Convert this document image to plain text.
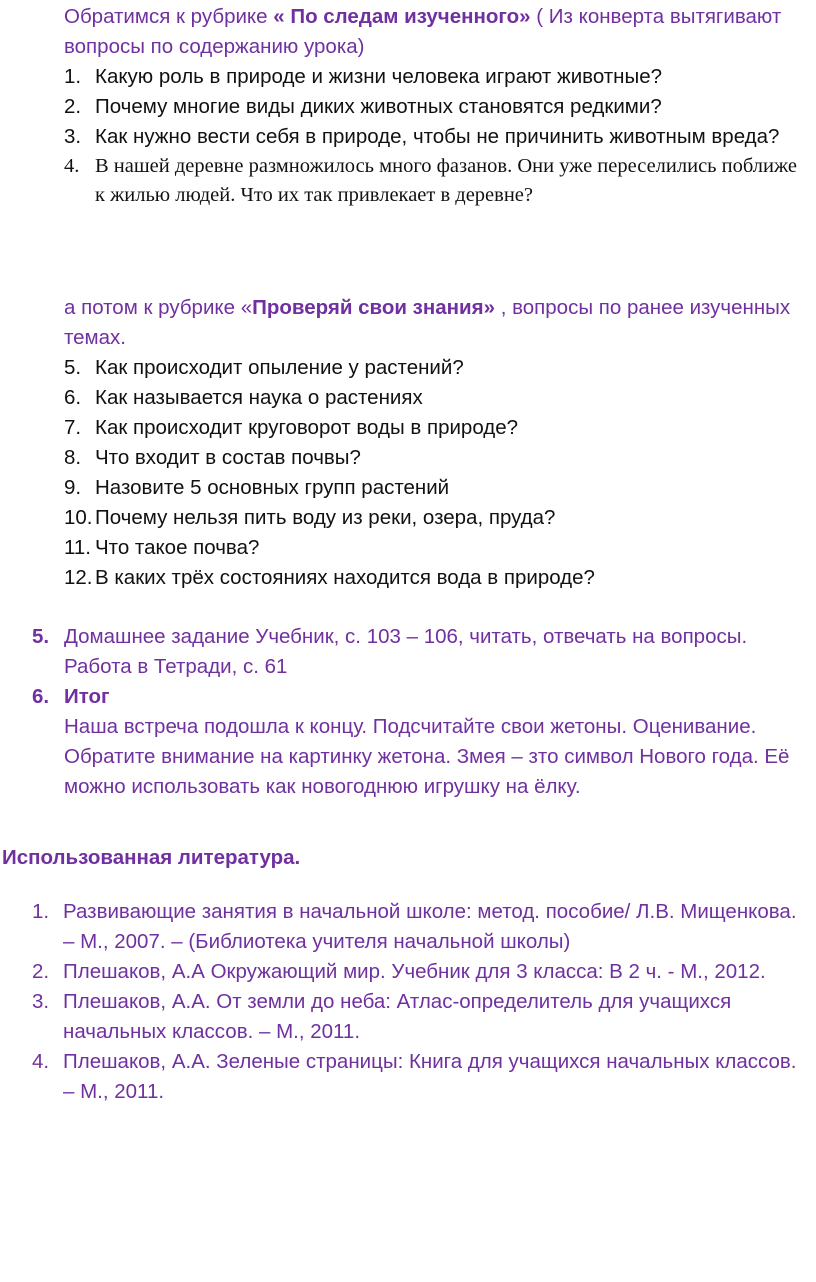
Обратимся к рубрике « По следам изученного» ( Из конверта вытягивают вопросы по содержанию урока)
1. Какую роль в природе и жизни человека играют животные?
2. Почему многие виды диких животных становятся редкими?
3. Как нужно вести себя в природе, чтобы не причинить животным вреда?
4. В нашей деревне размножилось много фазанов. Они уже переселились поближе к жилью людей. Что их так привлекает в деревне?
а потом к рубрике «Проверяй свои знания» , вопросы по ранее изученных темах.
5. Как происходит опыление у растений?
6. Как называется наука о растениях
7. Как происходит круговорот воды в природе?
8. Что входит в состав почвы?
9. Назовите 5 основных групп растений
10. Почему нельзя пить воду из реки, озера, пруда?
11. Что такое почва?
12. В каких трёх состояниях находится вода в природе?
5. Домашнее задание Учебник, с. 103 – 106, читать, отвечать на вопросы. Работа в Тетради, с. 61
6. Итог
Наша встреча подошла к концу. Подсчитайте свои жетоны. Оценивание. Обратите внимание на картинку жетона. Змея – зто символ Нового года. Её можно использовать как новогоднюю игрушку на ёлку.
Использованная литература.
1. Развивающие занятия в начальной школе: метод. пособие/ Л.В. Мищенкова. – М., 2007. – (Библиотека учителя начальной школы)
2. Плешаков, А.А Окружающий мир. Учебник для 3 класса: В 2 ч. - М., 2012.
3. Плешаков, А.А. От земли до неба: Атлас-определитель для учащихся начальных классов. – М., 2011.
4. Плешаков, А.А. Зеленые страницы: Книга для учащихся начальных классов. – М., 2011.
